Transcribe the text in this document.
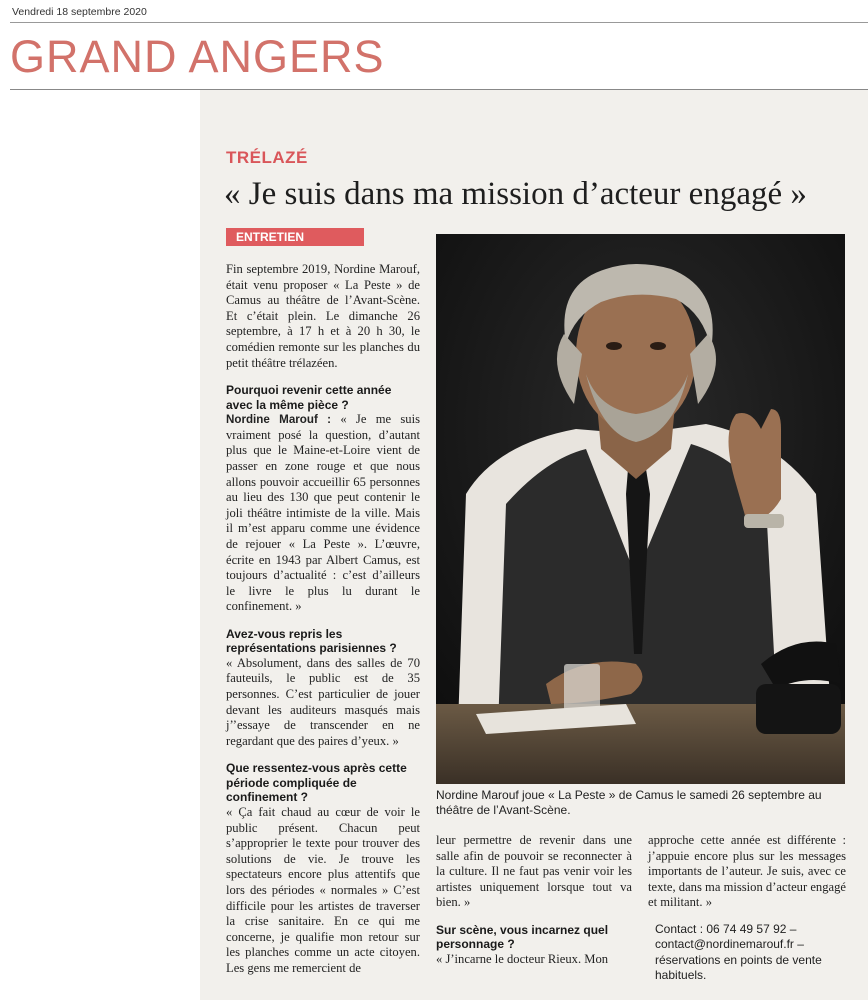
Vendredi 18 septembre 2020
GRAND ANGERS
TRÉLAZÉ
« Je suis dans ma mission d’acteur engagé »
ENTRETIEN

Fin septembre 2019, Nordine Marouf, était venu proposer « La Peste » de Camus au théâtre de l’Avant-Scène. Et c’était plein. Le dimanche 26 septembre, à 17 h et à 20 h 30, le comédien remonte sur les planches du petit théâtre trélazéen.

Pourquoi revenir cette année avec la même pièce ?

Nordine Marouf : « Je me suis vraiment posé la question, d’autant plus que le Maine-et-Loire vient de passer en zone rouge et que nous allons pouvoir accueillir 65 personnes au lieu des 130 que peut contenir le joli théâtre intimiste de la ville. Mais il m’est apparu comme une évidence de rejouer « La Peste ». L’œuvre, écrite en 1943 par Albert Camus, est toujours d’actualité : c’est d’ailleurs le livre le plus lu durant le confinement. »

Avez-vous repris les représentations parisiennes ?

« Absolument, dans des salles de 70 fauteuils, le public est de 35 personnes. C’est particulier de jouer devant les auditeurs masqués mais j’’essaye de transcender en ne regardant que des paires d’yeux. »

Que ressentez-vous après cette période compliquée de confinement ?

« Ça fait chaud au cœur de voir le public présent. Chacun peut s’approprier le texte pour trouver des solutions de vie. Je trouve les spectateurs encore plus attentifs que lors des périodes « normales » C’est difficile pour les artistes de traverser la crise sanitaire. En ce qui me concerne, je qualifie mon retour sur les planches comme un acte citoyen. Les gens me remercient de

Nordine Marouf joue « La Peste » de Camus le samedi 26 septembre au théâtre de l’Avant-Scène.

leur permettre de revenir dans une salle afin de pouvoir se reconnecter à la culture. Il ne faut pas venir voir les artistes uniquement lorsque tout va bien. »

Sur scène, vous incarnez quel personnage ?

« J’incarne le docteur Rieux. Mon

approche cette année est différente : j’appuie encore plus sur les messages importants de l’auteur. Je suis, avec ce texte, dans ma mission d’acteur engagé et militant. »

Contact : 06 74 49 57 92 – contact@nordinemarouf.fr – réservations en points de vente habituels.
